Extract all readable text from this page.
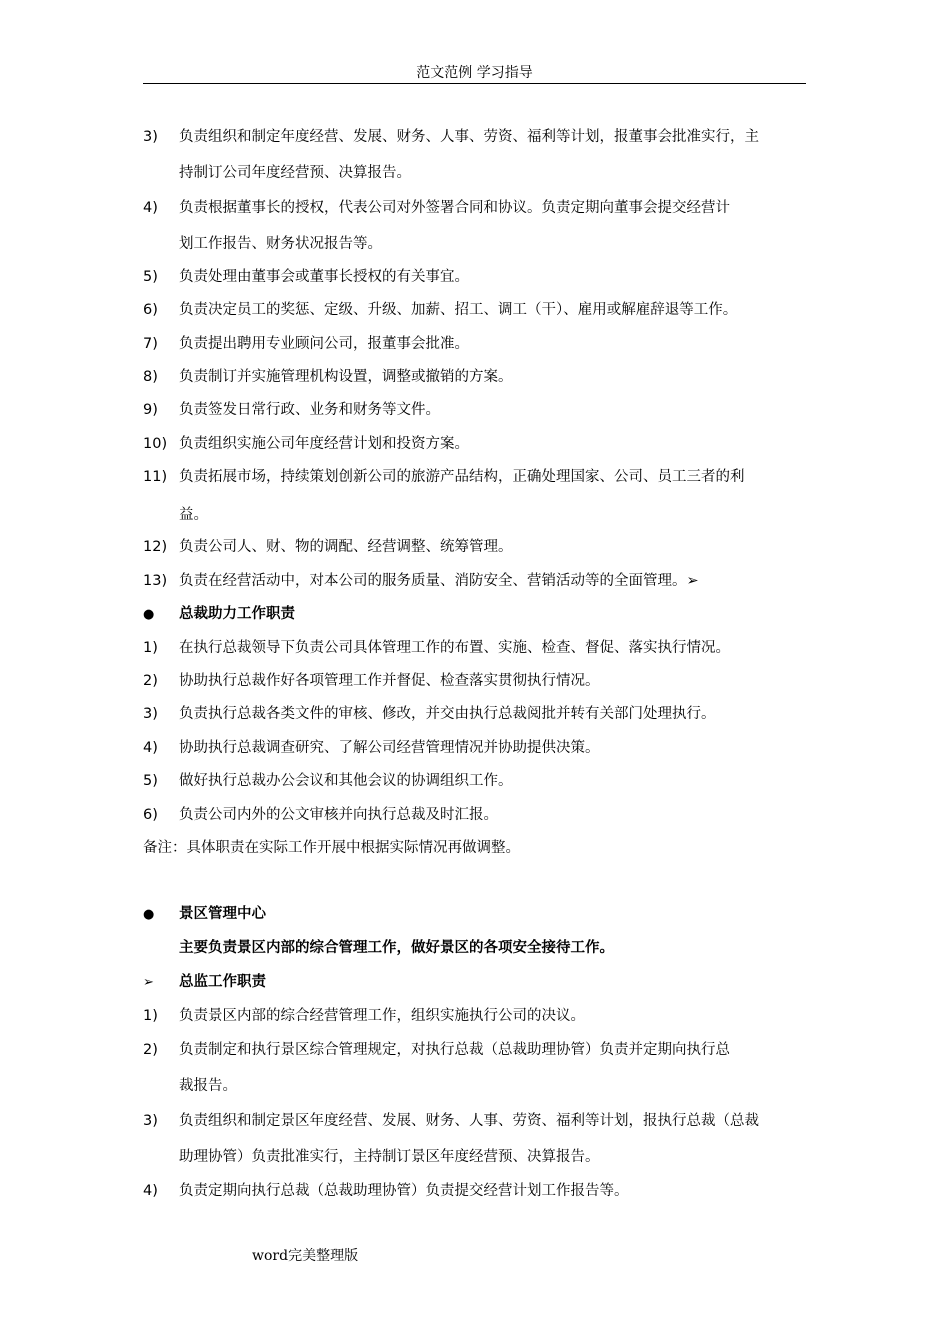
范文范例 学习指导
3) 负责组织和制定年度经营、发展、财务、人事、劳资、福利等计划，报董事会批准实行，主
持制订公司年度经营预、决算报告。
4) 负责根据董事长的授权，代表公司对外签署合同和协议。负责定期向董事会提交经营计
划工作报告、财务状况报告等。
5) 负责处理由董事会或董事长授权的有关事宜。
6) 负责决定员工的奖惩、定级、升级、加薪、招工、调工（干）、雇用或解雇辞退等工作。
7) 负责提出聘用专业顾问公司，报董事会批准。
8) 负责制订并实施管理机构设置，调整或撤销的方案。
9) 负责签发日常行政、业务和财务等文件。
10) 负责组织实施公司年度经营计划和投资方案。
11) 负责拓展市场，持续策划创新公司的旅游产品结构，正确处理国家、公司、员工三者的利
益。
12) 负责公司人、财、物的调配、经营调整、统筹管理。
13) 负责在经营活动中，对本公司的服务质量、消防安全、营销活动等的全面管理。➢
● 总裁助力工作职责
1) 在执行总裁领导下负责公司具体管理工作的布置、实施、检查、督促、落实执行情况。
2) 协助执行总裁作好各项管理工作并督促、检查落实贯彻执行情况。
3) 负责执行总裁各类文件的审核、修改，并交由执行总裁阅批并转有关部门处理执行。
4) 协助执行总裁调查研究、了解公司经营管理情况并协助提供决策。
5) 做好执行总裁办公会议和其他会议的协调组织工作。
6) 负责公司内外的公文审核并向执行总裁及时汇报。
备注：具体职责在实际工作开展中根据实际情况再做调整。
● 景区管理中心
主要负责景区内部的综合管理工作，做好景区的各项安全接待工作。
➢ 总监工作职责
1) 负责景区内部的综合经营管理工作，组织实施执行公司的决议。
2) 负责制定和执行景区综合管理规定，对执行总裁（总裁助理协管）负责并定期向执行总
裁报告。
3) 负责组织和制定景区年度经营、发展、财务、人事、劳资、福利等计划，报执行总裁（总裁
助理协管）负责批准实行，主持制订景区年度经营预、决算报告。
4) 负责定期向执行总裁（总裁助理协管）负责提交经营计划工作报告等。
word完美整理版
